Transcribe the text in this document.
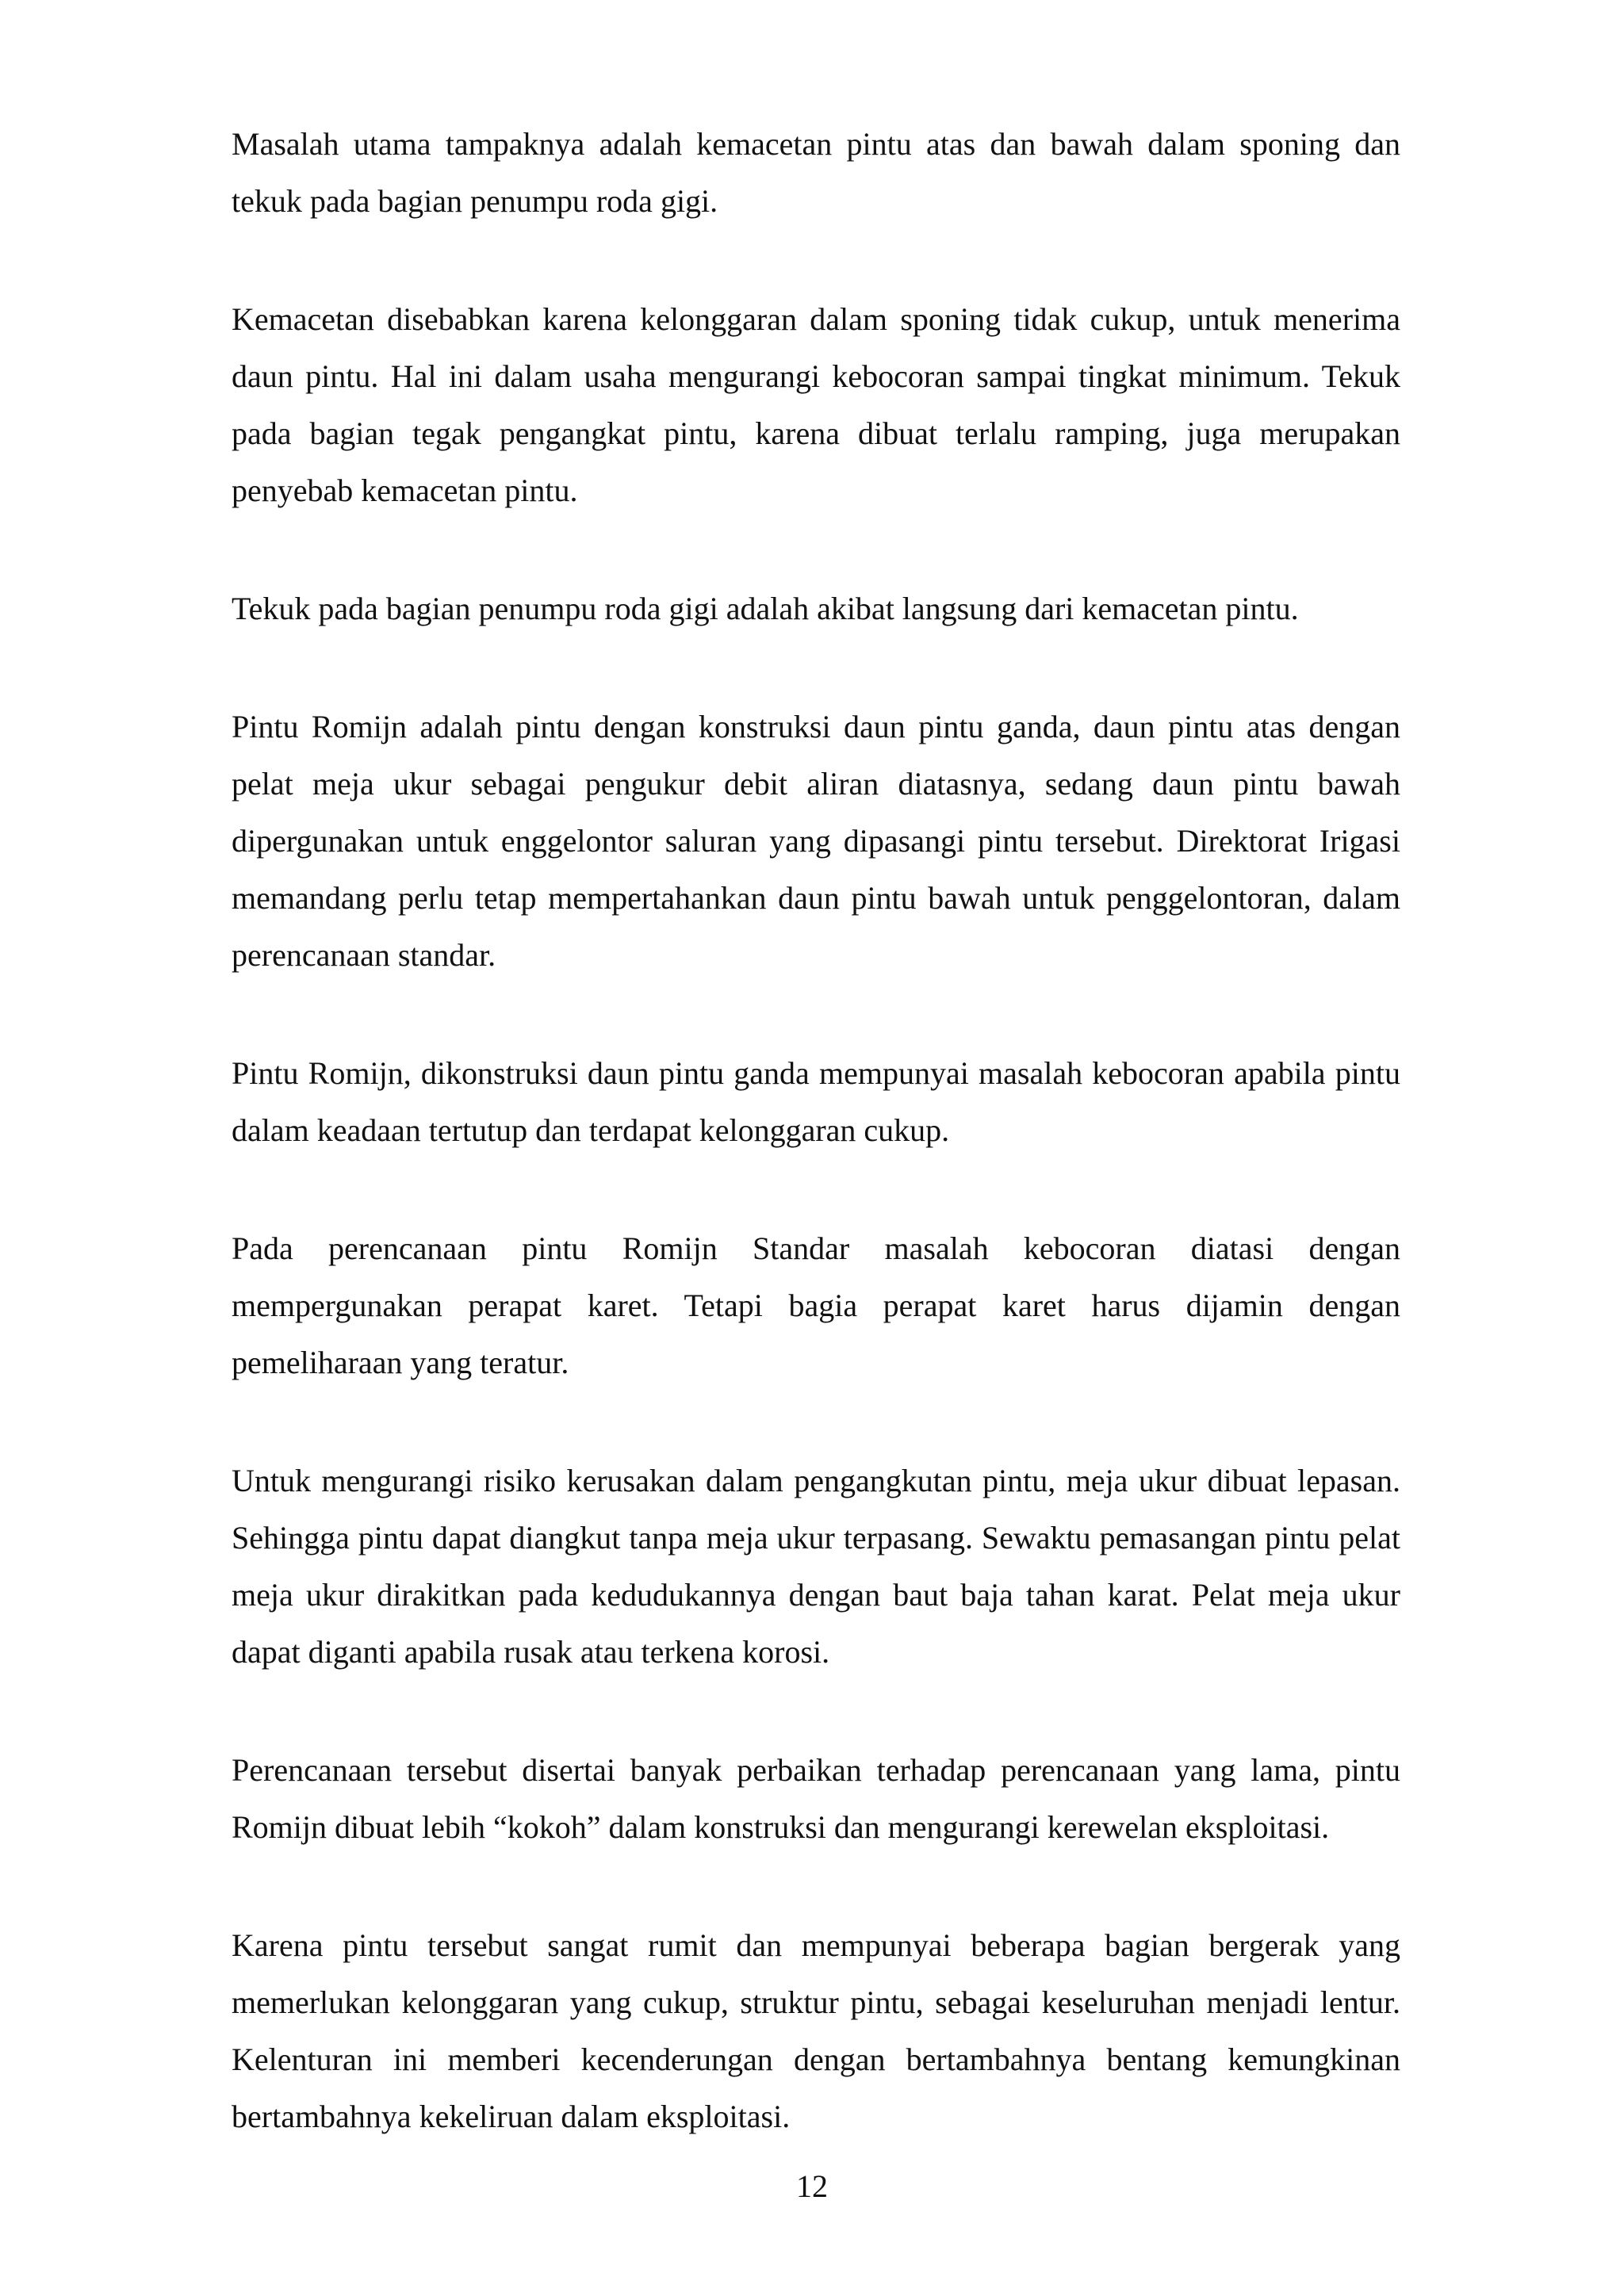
Masalah utama tampaknya adalah kemacetan pintu atas dan bawah dalam sponing dan tekuk pada bagian penumpu roda gigi.

Kemacetan disebabkan karena kelonggaran dalam sponing tidak cukup, untuk menerima daun pintu. Hal ini dalam usaha mengurangi kebocoran sampai tingkat minimum. Tekuk pada bagian tegak pengangkat pintu, karena dibuat terlalu ramping, juga merupakan penyebab kemacetan pintu.

Tekuk pada bagian penumpu roda gigi adalah akibat langsung dari kemacetan pintu.

Pintu Romijn adalah pintu dengan konstruksi daun pintu ganda, daun pintu atas dengan pelat meja ukur sebagai pengukur debit aliran diatasnya, sedang daun pintu bawah dipergunakan untuk enggelontor saluran yang dipasangi pintu tersebut. Direktorat Irigasi memandang perlu tetap mempertahankan daun pintu bawah untuk penggelontoran, dalam perencanaan standar.

Pintu Romijn, dikonstruksi daun pintu ganda mempunyai masalah kebocoran apabila pintu dalam keadaan tertutup dan terdapat kelonggaran cukup.

Pada perencanaan pintu Romijn Standar masalah kebocoran diatasi dengan mempergunakan perapat karet. Tetapi bagia perapat karet harus dijamin dengan pemeliharaan yang teratur.

Untuk mengurangi risiko kerusakan dalam pengangkutan pintu, meja ukur dibuat lepasan. Sehingga pintu dapat diangkut tanpa meja ukur terpasang. Sewaktu pemasangan pintu pelat meja ukur dirakitkan pada kedudukannya dengan baut baja tahan karat. Pelat meja ukur dapat diganti apabila rusak atau terkena korosi.

Perencanaan tersebut disertai banyak perbaikan terhadap perencanaan yang lama, pintu Romijn dibuat lebih “kokoh” dalam konstruksi dan mengurangi kerewelan eksploitasi.

Karena pintu tersebut sangat rumit dan mempunyai beberapa bagian bergerak yang memerlukan kelonggaran yang cukup, struktur pintu, sebagai keseluruhan menjadi lentur. Kelenturan ini memberi kecenderungan dengan bertambahnya bentang kemungkinan bertambahnya kekeliruan dalam eksploitasi.

12
